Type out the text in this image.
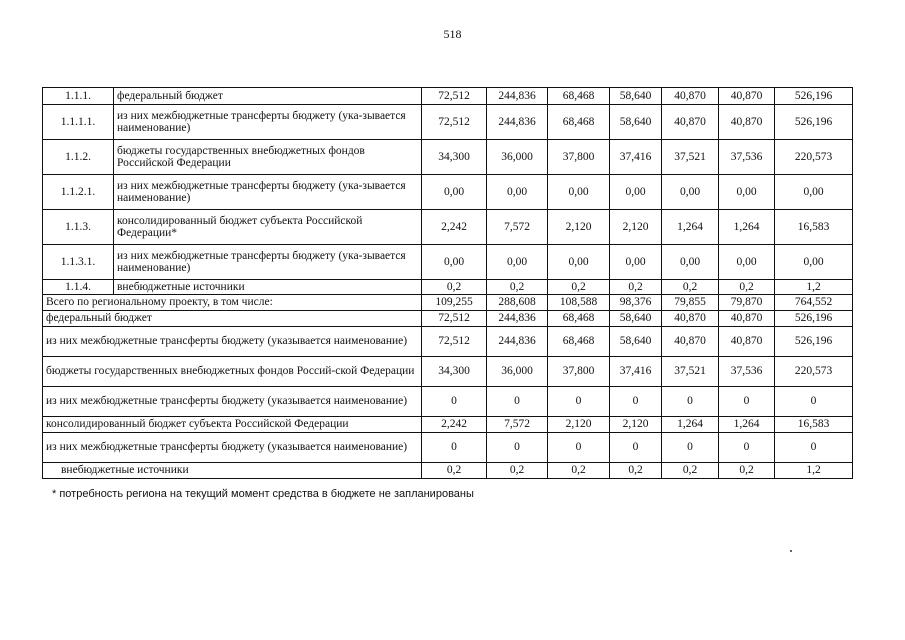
518
1.1.1.	федеральный бюджет	72,512	244,836	68,468	58,640	40,870	40,870	526,196
1.1.1.1.	из них межбюджетные трансферты бюджету (ука-зывается наименование)	72,512	244,836	68,468	58,640	40,870	40,870	526,196
1.1.2.	бюджеты государственных внебюджетных фондов Российской Федерации	34,300	36,000	37,800	37,416	37,521	37,536	220,573
1.1.2.1.	из них межбюджетные трансферты бюджету (ука-зывается наименование)	0,00	0,00	0,00	0,00	0,00	0,00	0,00
1.1.3.	консолидированный бюджет субъекта Российской Федерации*	2,242	7,572	2,120	2,120	1,264	1,264	16,583
1.1.3.1.	из них межбюджетные трансферты бюджету (ука-зывается наименование)	0,00	0,00	0,00	0,00	0,00	0,00	0,00
1.1.4.	внебюджетные источники	0,2	0,2	0,2	0,2	0,2	0,2	1,2
Всего по региональному проекту, в том числе:		109,255	288,608	108,588	98,376	79,855	79,870	764,552
федеральный бюджет		72,512	244,836	68,468	58,640	40,870	40,870	526,196
из них межбюджетные трансферты бюджету (указывается наименование)		72,512	244,836	68,468	58,640	40,870	40,870	526,196
бюджеты государственных внебюджетных фондов Россий-ской Федерации		34,300	36,000	37,800	37,416	37,521	37,536	220,573
из них межбюджетные трансферты бюджету (указывается наименование)		0	0	0	0	0	0	0
консолидированный бюджет субъекта Российской Федерации		2,242	7,572	2,120	2,120	1,264	1,264	16,583
из них межбюджетные трансферты бюджету (указывается наименование)		0	0	0	0	0	0	0
внебюджетные источники		0,2	0,2	0,2	0,2	0,2	0,2	1,2
* потребность региона на текущий момент средства в бюджете не запланированы
